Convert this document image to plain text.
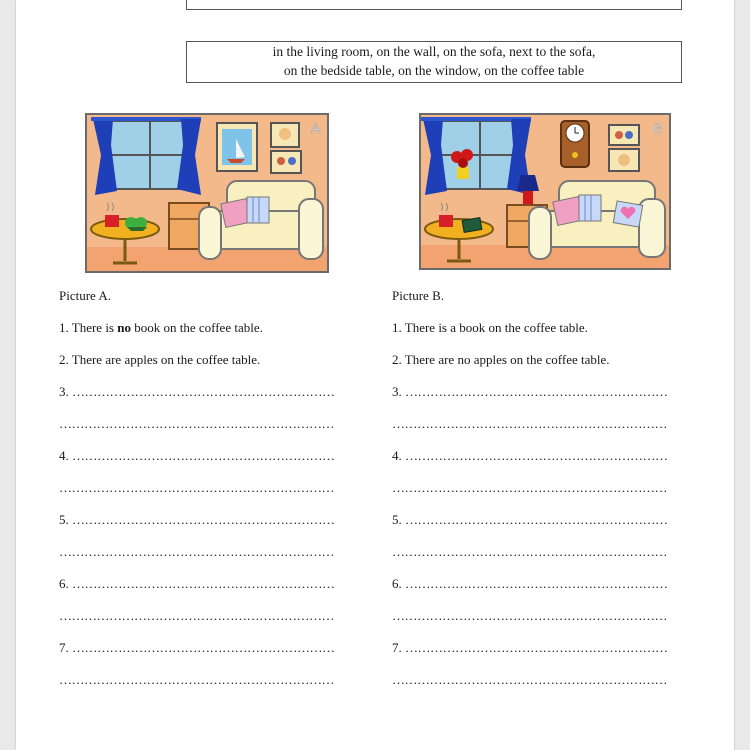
in the living room, on the wall, on the sofa, next to the sofa,
on the bedside table, on the window, on the coffee table
A	B
Picture A.
1. There is no book on the coffee table.
2. There are apples on the coffee table.
3. ………………………………………………………
…………………………………………………………
4. ………………………………………………………
…………………………………………………………
5. ………………………………………………………
…………………………………………………………
6. ………………………………………………………
…………………………………………………………
7. ………………………………………………………
…………………………………………………………
Picture B.
1. There is a book on the coffee table.
2. There are no apples on the coffee table.
3. ………………………………………………………
…………………………………………………………
4. ………………………………………………………
…………………………………………………………
5. ………………………………………………………
…………………………………………………………
6. ………………………………………………………
…………………………………………………………
7. ………………………………………………………
…………………………………………………………
